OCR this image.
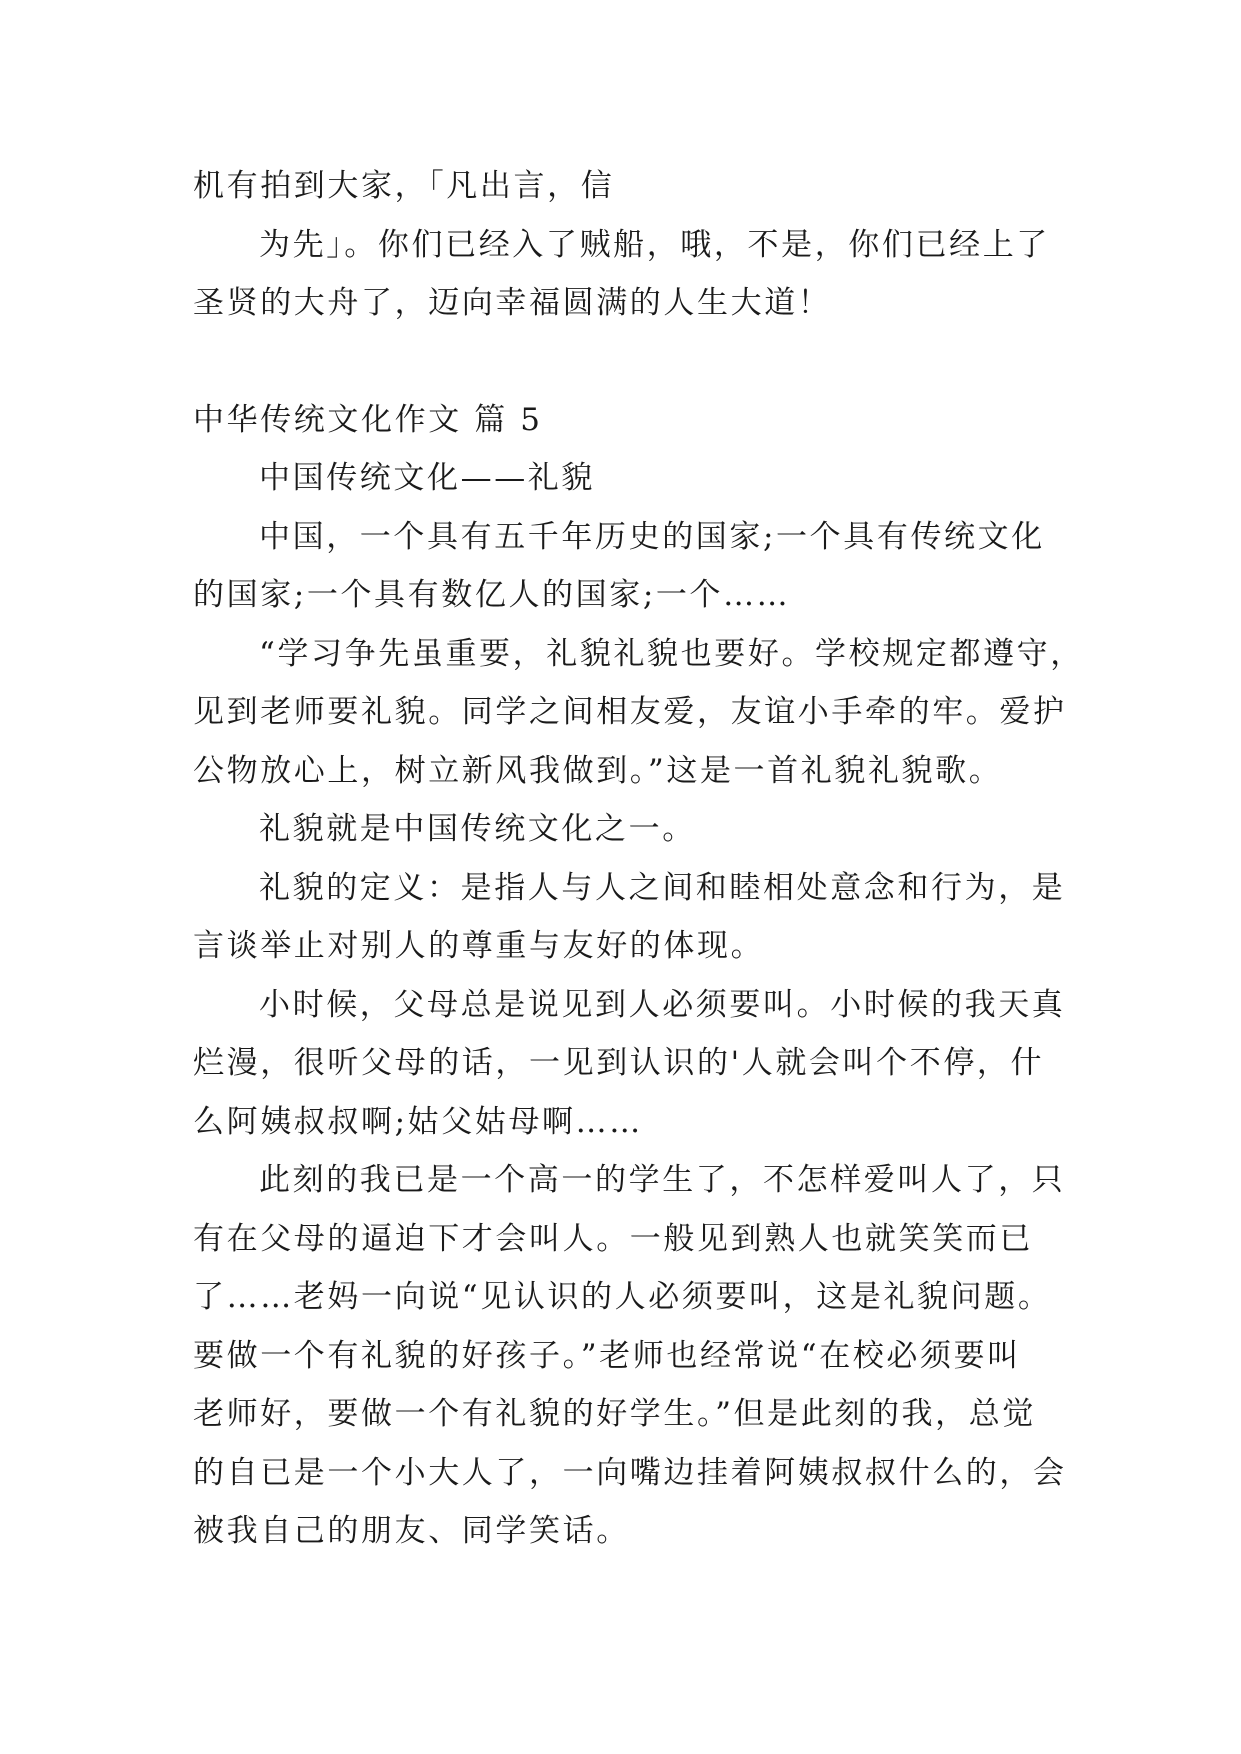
机有拍到大家，「凡出言，信
为先」。你们已经入了贼船，哦，不是，你们已经上了
圣贤的大舟了，迈向幸福圆满的人生大道！
中华传统文化作文 篇 5
中国传统文化——礼貌
中国，一个具有五千年历史的国家;一个具有传统文化
的国家;一个具有数亿人的国家;一个……
“学习争先虽重要，礼貌礼貌也要好。学校规定都遵守，
见到老师要礼貌。同学之间相友爱，友谊小手牵的牢。爱护
公物放心上，树立新风我做到。”这是一首礼貌礼貌歌。
礼貌就是中国传统文化之一。
礼貌的定义：是指人与人之间和睦相处意念和行为，是
言谈举止对别人的尊重与友好的体现。
小时候，父母总是说见到人必须要叫。小时候的我天真
烂漫，很听父母的话，一见到认识的'人就会叫个不停，什
么阿姨叔叔啊;姑父姑母啊……
此刻的我已是一个高一的学生了，不怎样爱叫人了，只
有在父母的逼迫下才会叫人。一般见到熟人也就笑笑而已
了……老妈一向说“见认识的人必须要叫，这是礼貌问题。
要做一个有礼貌的好孩子。”老师也经常说“在校必须要叫
老师好，要做一个有礼貌的好学生。”但是此刻的我，总觉
的自已是一个小大人了，一向嘴边挂着阿姨叔叔什么的，会
被我自己的朋友、同学笑话。
